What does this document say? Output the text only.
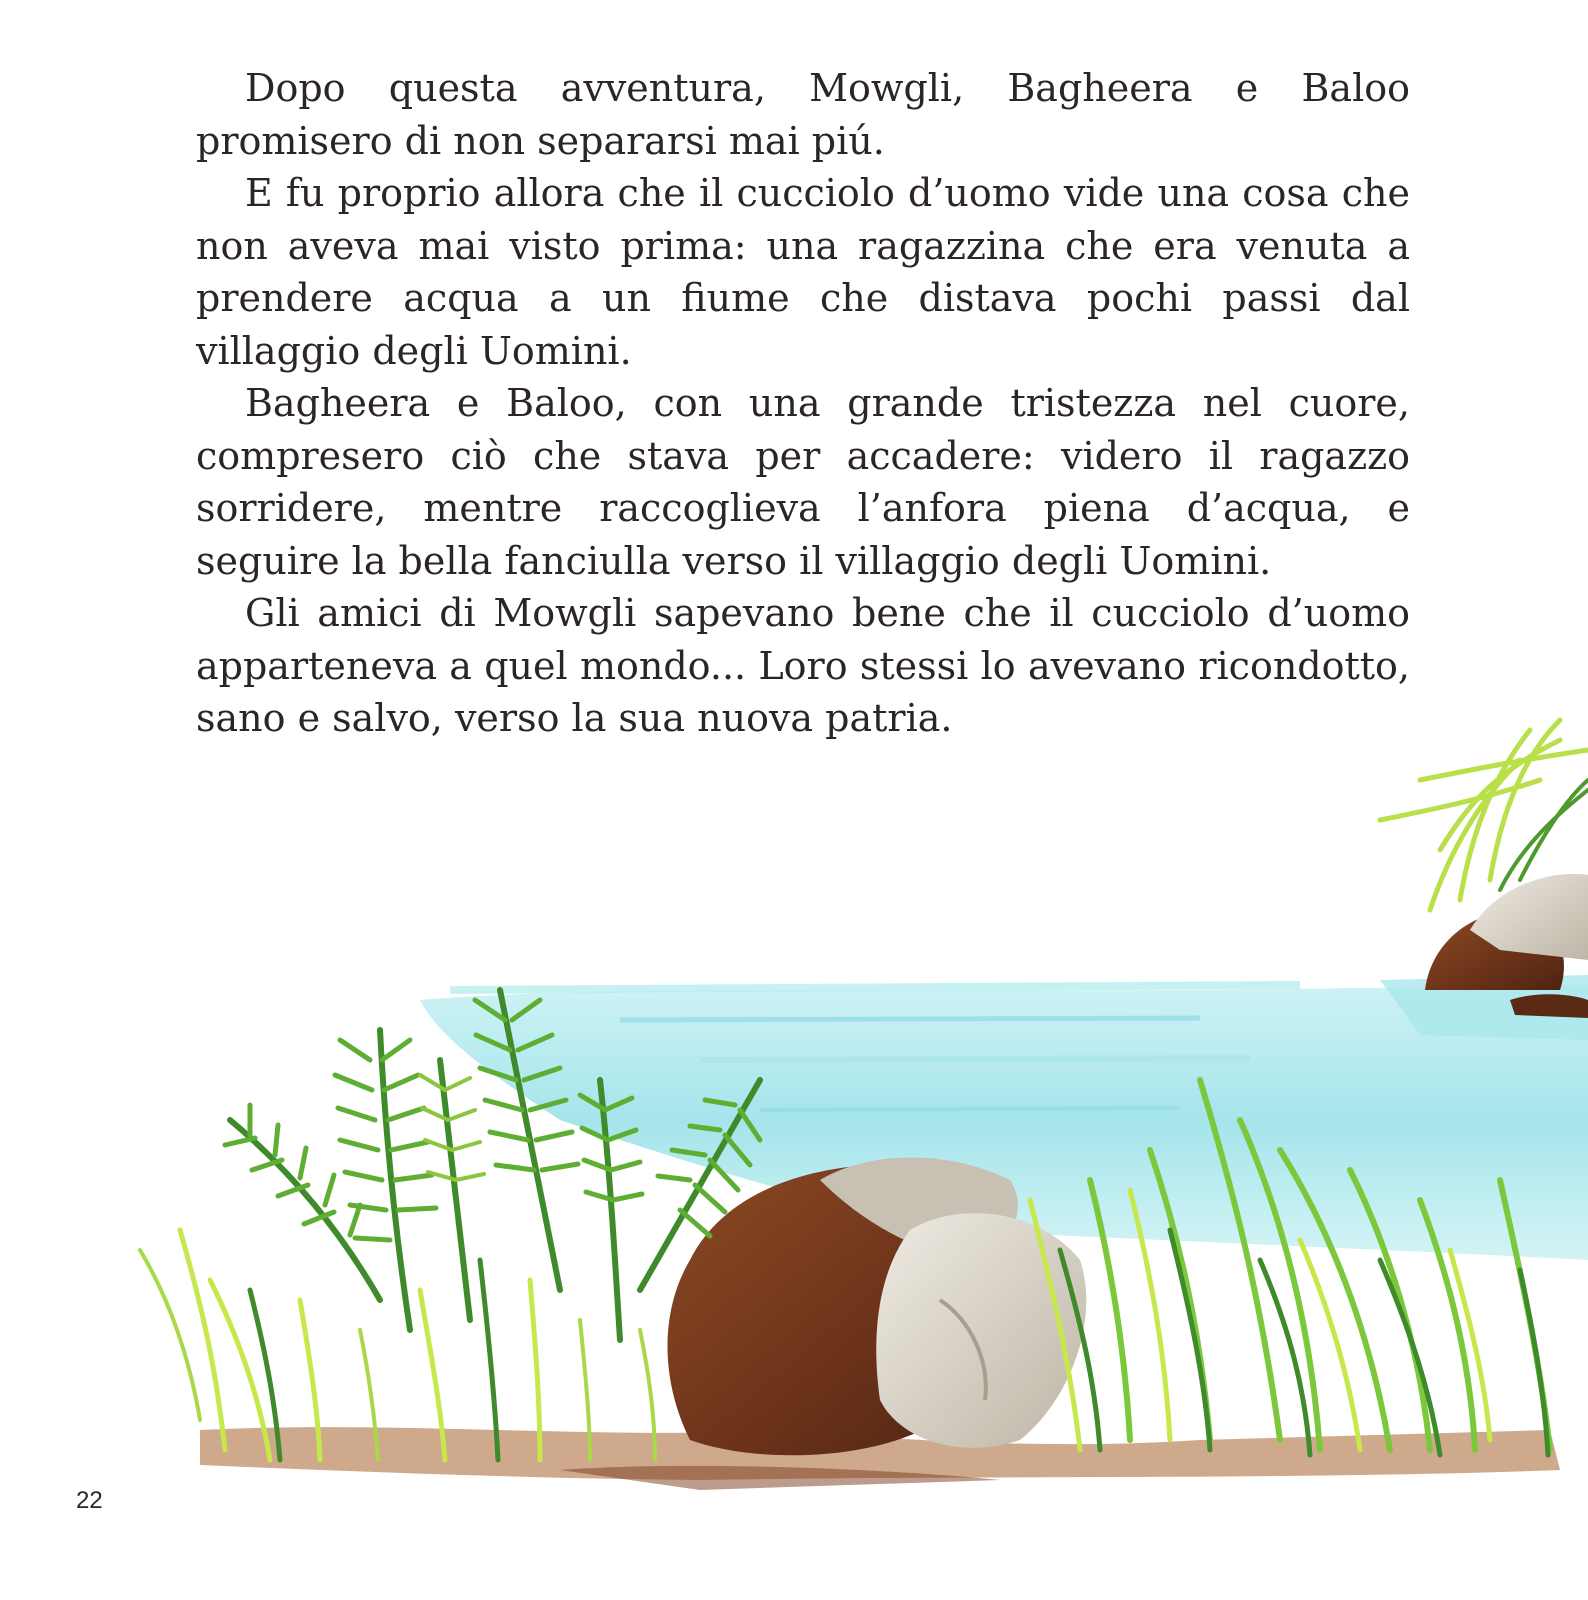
Dopo questa avventura, Mowgli, Bagheera e Baloo promisero di non separarsi mai piú.

E fu proprio allora che il cucciolo d’uomo vide una cosa che non aveva mai visto prima: una ragazzina che era venuta a prendere acqua a un fiume che distava pochi passi dal villaggio degli Uomini.

Bagheera e Baloo, con una grande tristezza nel cuore, compresero ciò che stava per accadere: videro il ragazzo sorridere, mentre raccoglieva l’anfora piena d’acqua, e seguire la bella fanciulla verso il villaggio degli Uomini.

Gli amici di Mowgli sapevano bene che il cucciolo d’uomo apparteneva a quel mondo... Loro stessi lo avevano ricondotto, sano e salvo, verso la sua nuova patria.

22
